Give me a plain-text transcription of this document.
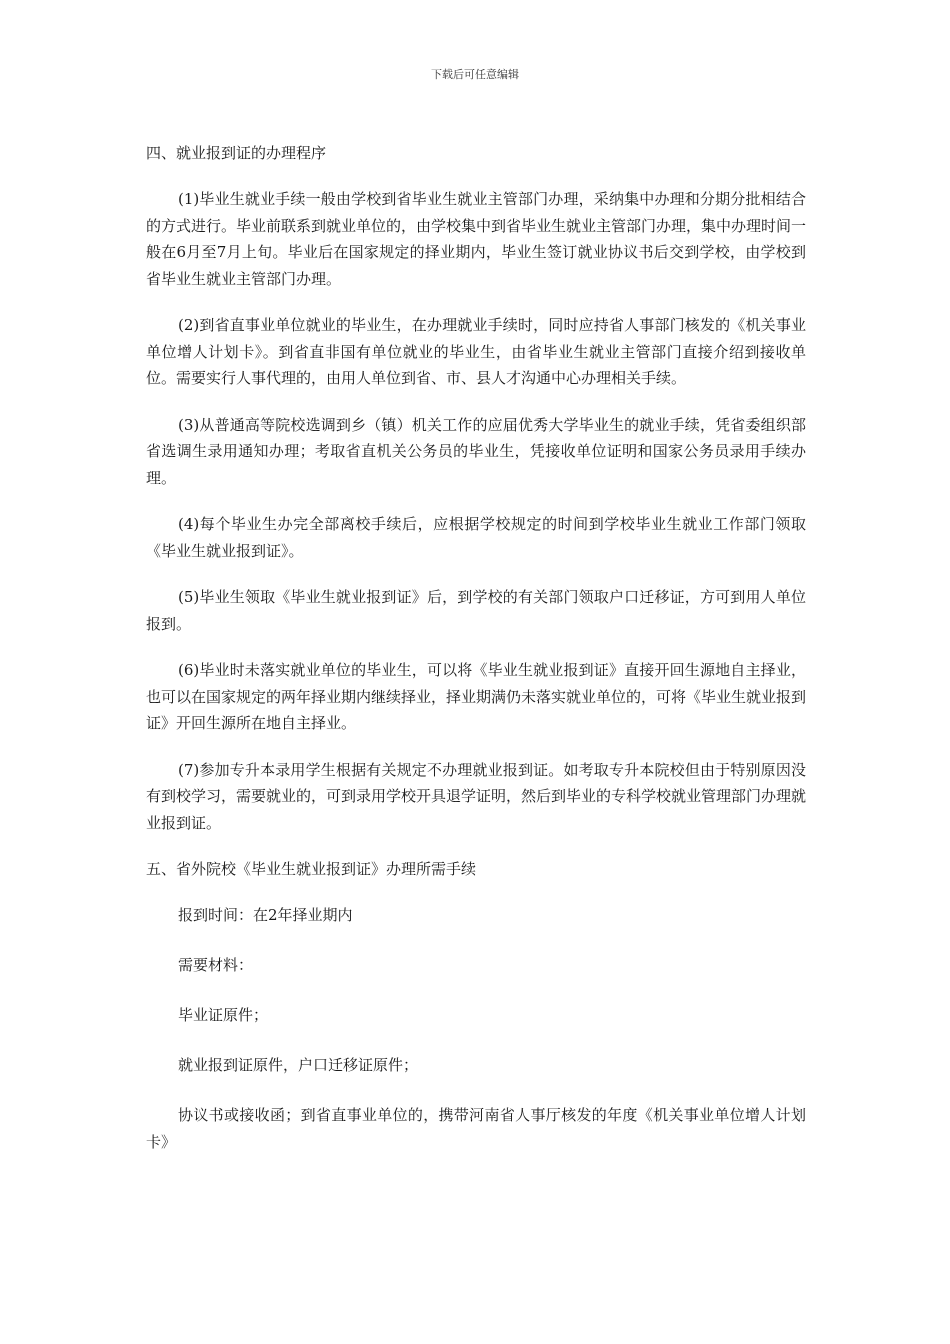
下载后可任意编辑
四、就业报到证的办理程序

(1)毕业生就业手续一般由学校到省毕业生就业主管部门办理，采纳集中办理和分期分批相结合的方式进行。毕业前联系到就业单位的，由学校集中到省毕业生就业主管部门办理，集中办理时间一般在6月至7月上旬。毕业后在国家规定的择业期内，毕业生签订就业协议书后交到学校，由学校到省毕业生就业主管部门办理。

(2)到省直事业单位就业的毕业生，在办理就业手续时，同时应持省人事部门核发的《机关事业单位增人计划卡》。到省直非国有单位就业的毕业生，由省毕业生就业主管部门直接介绍到接收单位。需要实行人事代理的，由用人单位到省、市、县人才沟通中心办理相关手续。

(3)从普通高等院校选调到乡（镇）机关工作的应届优秀大学毕业生的就业手续，凭省委组织部省选调生录用通知办理；考取省直机关公务员的毕业生，凭接收单位证明和国家公务员录用手续办理。

(4)每个毕业生办完全部离校手续后，应根据学校规定的时间到学校毕业生就业工作部门领取《毕业生就业报到证》。

(5)毕业生领取《毕业生就业报到证》后，到学校的有关部门领取户口迁移证，方可到用人单位报到。

(6)毕业时未落实就业单位的毕业生，可以将《毕业生就业报到证》直接开回生源地自主择业，也可以在国家规定的两年择业期内继续择业，择业期满仍未落实就业单位的，可将《毕业生就业报到证》开回生源所在地自主择业。

(7)参加专升本录用学生根据有关规定不办理就业报到证。如考取专升本院校但由于特别原因没有到校学习，需要就业的，可到录用学校开具退学证明，然后到毕业的专科学校就业管理部门办理就业报到证。

五、省外院校《毕业生就业报到证》办理所需手续
报到时间：在2年择业期内
需要材料：
毕业证原件；
就业报到证原件，户口迁移证原件；
协议书或接收函；到省直事业单位的，携带河南省人事厅核发的年度《机关事业单位增人计划卡》
